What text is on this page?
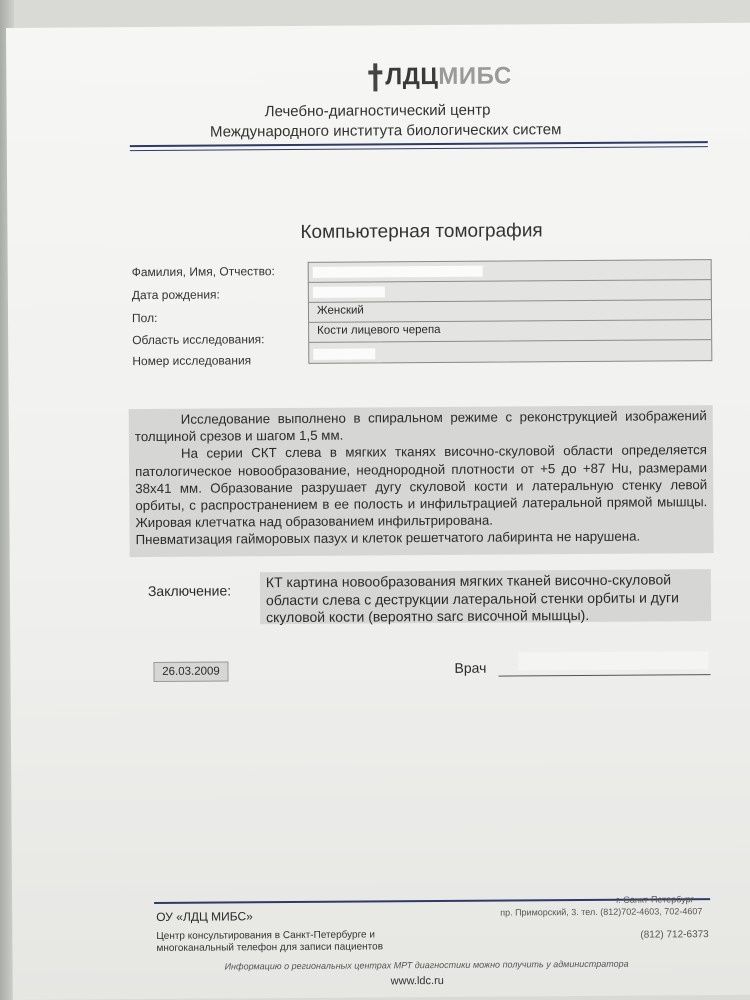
ЛДЦ МИБС
Лечебно-диагностический центр
Международного института биологических систем
Компьютерная томография
Фамилия, Имя, Отчество:
Дата рождения:
Пол:
Женский
Область исследования:
Кости лицевого черепа
Номер исследования

Исследование выполнено в спиральном режиме с реконструкцией изображений толщиной срезов и шагом 1,5 мм.

На серии СКТ слева в мягких тканях височно-скуловой области определяется патологическое новообразование, неоднородной плотности от +5 до +87 Hu, размерами 38х41 мм. Образование разрушает дугу скуловой кости и латеральную стенку левой орбиты, с распространением в ее полость и инфильтрацией латеральной прямой мышцы. Жировая клетчатка над образованием инфильтрирована.

Пневматизация гайморовых пазух и клеток решетчатого лабиринта не нарушена.

Заключение:
КТ картина новообразования мягких тканей височно-скуловой области слева с деструкции латеральной стенки орбиты и дуги скуловой кости (вероятно sarc височной мышцы).
26.03.2009	Врач
г. Санкт-Петербург
ОУ «ЛДЦ МИБС»	пр. Приморский, 3. тел. (812)702-4603, 702-4607
Центр консультирования в Санкт-Петербурге и
многоканальный телефон для записи пациентов
(812) 712-6373
Информацию о региональных центрах МРТ диагностики можно получить у администратора
www.ldc.ru
